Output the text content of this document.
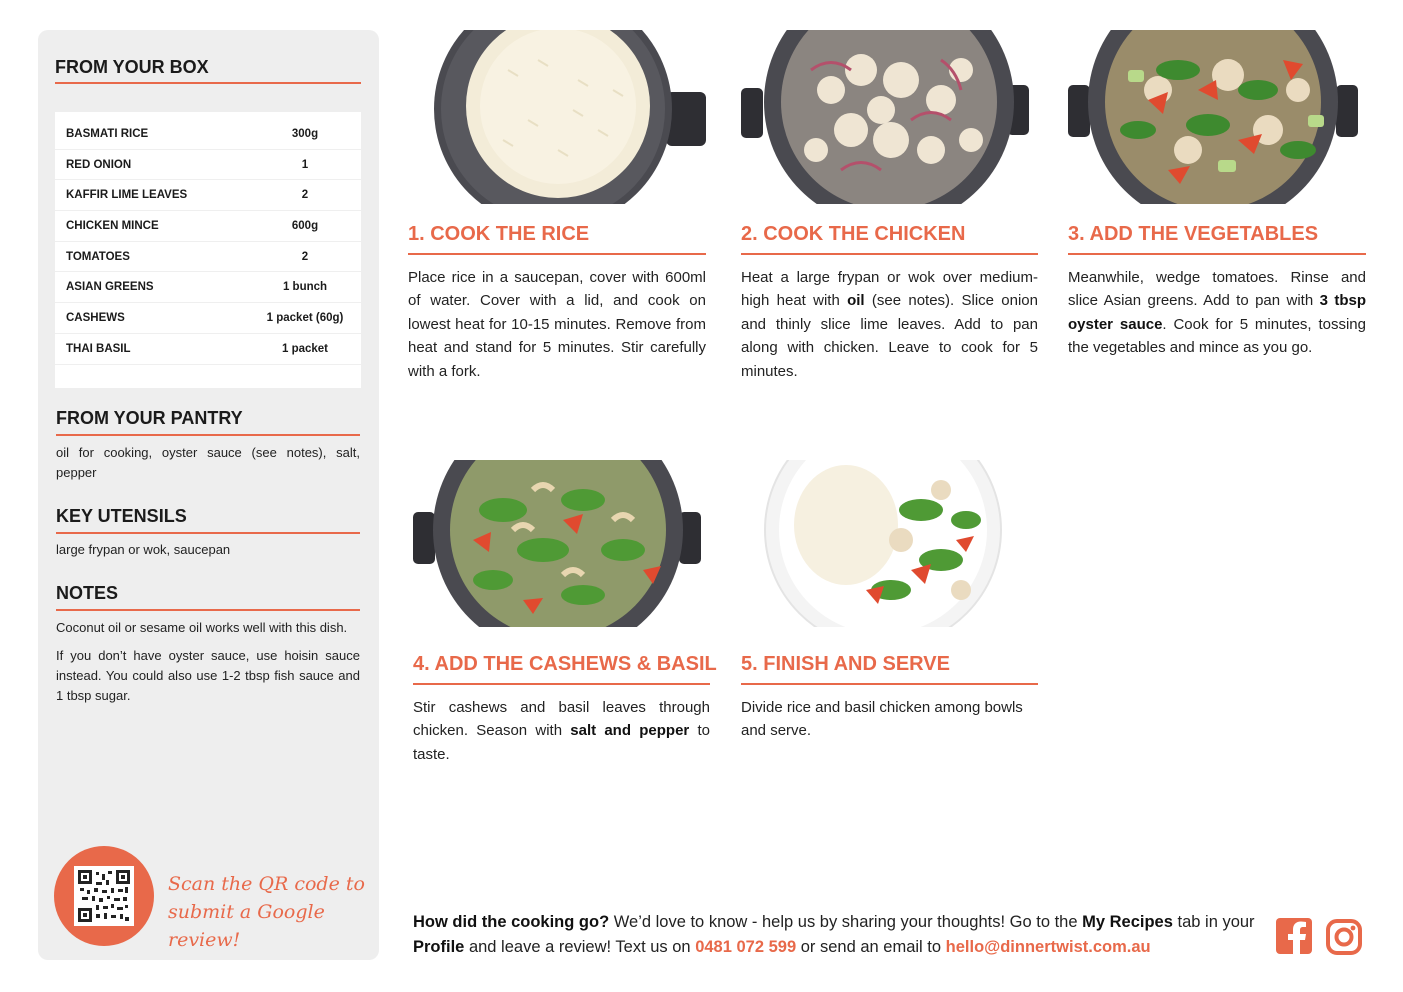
FROM YOUR BOX
BASMATI RICE	300g
RED ONION	1
KAFFIR LIME LEAVES	2
CHICKEN MINCE	600g
TOMATOES	2
ASIAN GREENS	1 bunch
CASHEWS	1 packet (60g)
THAI BASIL	1 packet
FROM YOUR PANTRY
oil for cooking, oyster sauce (see notes), salt, pepper
KEY UTENSILS
large frypan or wok, saucepan
NOTES
Coconut oil or sesame oil works well with this dish.
If you don’t have oyster sauce, use hoisin sauce instead. You could also use 1-2 tbsp fish sauce and 1 tbsp sugar.
Scan the QR code to
submit a Google review!
1. COOK THE RICE
Place rice in a saucepan, cover with 600ml of water. Cover with a lid, and cook on lowest heat for 10-15 minutes. Remove from heat and stand for 5 minutes. Stir carefully with a fork.
2. COOK THE CHICKEN
Heat a large frypan or wok over medium-high heat with oil (see notes). Slice onion and thinly slice lime leaves. Add to pan along with chicken. Leave to cook for 5 minutes.
3. ADD THE VEGETABLES
Meanwhile, wedge tomatoes. Rinse and slice Asian greens. Add to pan with 3 tbsp oyster sauce. Cook for 5 minutes, tossing the vegetables and mince as you go.
4. ADD THE CASHEWS & BASIL
Stir cashews and basil leaves through chicken. Season with salt and pepper to taste.
5. FINISH AND SERVE
Divide rice and basil chicken among bowls and serve.
How did the cooking go? We’d love to know - help us by sharing your thoughts! Go to the My Recipes tab in your Profile and leave a review! Text us on 0481 072 599 or send an email to hello@dinnertwist.com.au
